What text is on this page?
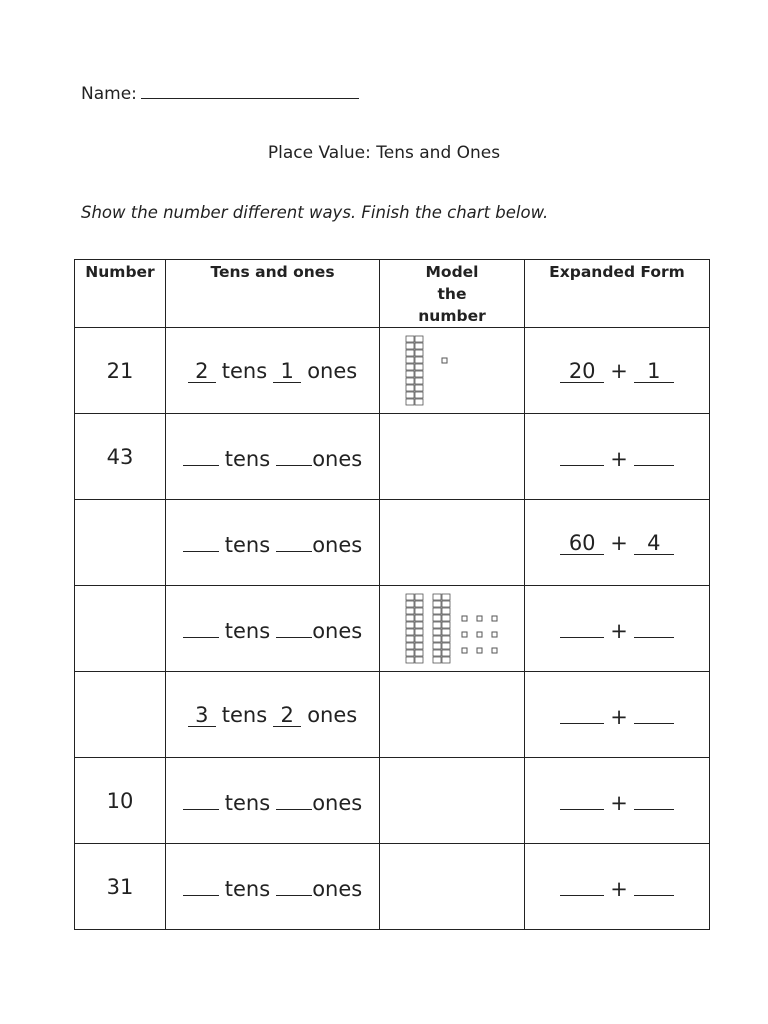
Name:
Place Value: Tens and Ones
Show the number different ways. Finish the chart below.
Number	Tens and ones	Model the number	Expanded Form
21	2 tens 1 ones		20 + 1
43	tens ones		+
	tens ones		60 + 4
	tens ones		+
	3 tens 2 ones		+
10	tens ones		+
31	tens ones		+
